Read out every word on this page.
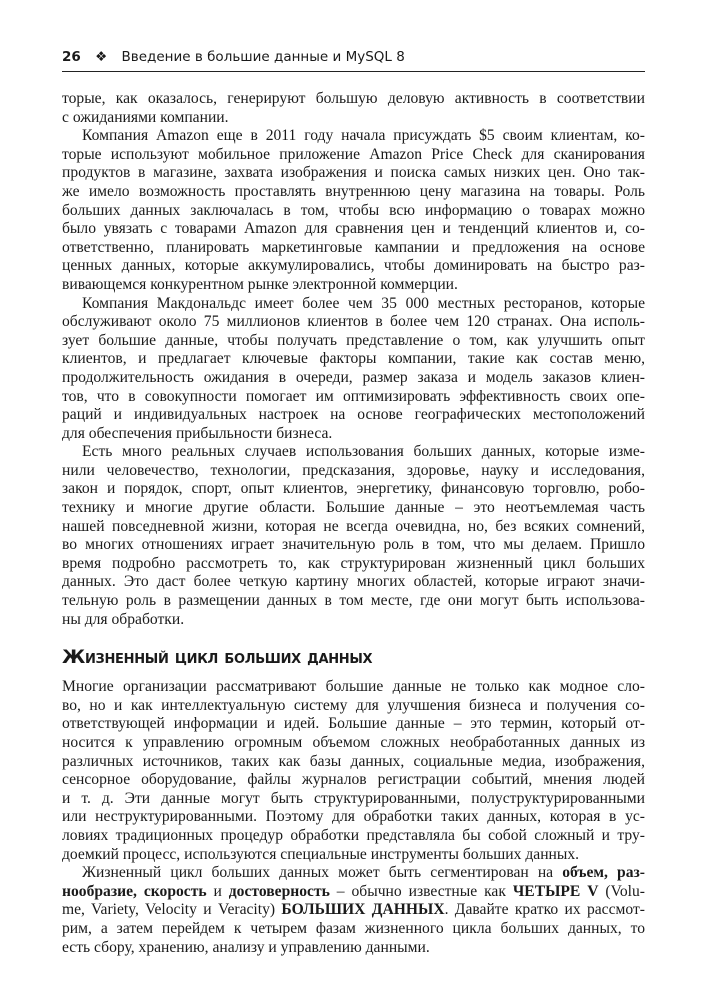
26 ❖ Введение в большие данные и MySQL 8
торые, как оказалось, генерируют большую деловую активность в соответствии
с ожиданиями компании.
Компания Amazon еще в 2011 году начала присуждать $5 своим клиентам, ко-
торые используют мобильное приложение Amazon Price Check для сканирования
продуктов в магазине, захвата изображения и поиска самых низких цен. Оно так-
же имело возможность проставлять внутреннюю цену магазина на товары. Роль
больших данных заключалась в том, чтобы всю информацию о товарах можно
было увязать с товарами Amazon для сравнения цен и тенденций клиентов и, со-
ответственно, планировать маркетинговые кампании и предложения на основе
ценных данных, которые аккумулировались, чтобы доминировать на быстро раз-
вивающемся конкурентном рынке электронной коммерции.
Компания Макдональдс имеет более чем 35 000 местных ресторанов, которые
обслуживают около 75 миллионов клиентов в более чем 120 странах. Она исполь-
зует большие данные, чтобы получать представление о том, как улучшить опыт
клиентов, и предлагает ключевые факторы компании, такие как состав меню,
продолжительность ожидания в очереди, размер заказа и модель заказов клиен-
тов, что в совокупности помогает им оптимизировать эффективность своих опе-
раций и индивидуальных настроек на основе географических местоположений
для обеспечения прибыльности бизнеса.
Есть много реальных случаев использования больших данных, которые изме-
нили человечество, технологии, предсказания, здоровье, науку и исследования,
закон и порядок, спорт, опыт клиентов, энергетику, финансовую торговлю, робо-
технику и многие другие области. Большие данные – это неотъемлемая часть
нашей повседневной жизни, которая не всегда очевидна, но, без всяких сомнений,
во многих отношениях играет значительную роль в том, что мы делаем. Пришло
время подробно рассмотреть то, как структурирован жизненный цикл больших
данных. Это даст более четкую картину многих областей, которые играют значи-
тельную роль в размещении данных в том месте, где они могут быть использова-
ны для обработки.
Жизненный цикл больших данных
Многие организации рассматривают большие данные не только как модное сло-
во, но и как интеллектуальную систему для улучшения бизнеса и получения со-
ответствующей информации и идей. Большие данные – это термин, который от-
носится к управлению огромным объемом сложных необработанных данных из
различных источников, таких как базы данных, социальные медиа, изображения,
сенсорное оборудование, файлы журналов регистрации событий, мнения людей
и т. д. Эти данные могут быть структурированными, полуструктурированными
или неструктурированными. Поэтому для обработки таких данных, которая в ус-
ловиях традиционных процедур обработки представляла бы собой сложный и тру-
доемкий процесс, используются специальные инструменты больших данных.
Жизненный цикл больших данных может быть сегментирован на объем, раз-
нообразие, скорость и достоверность – обычно известные как ЧЕТЫРЕ V (Volu-
me, Variety, Velocity и Veracity) БОЛЬШИХ ДАННЫХ. Давайте кратко их рассмот-
рим, а затем перейдем к четырем фазам жизненного цикла больших данных, то
есть сбору, хранению, анализу и управлению данными.
